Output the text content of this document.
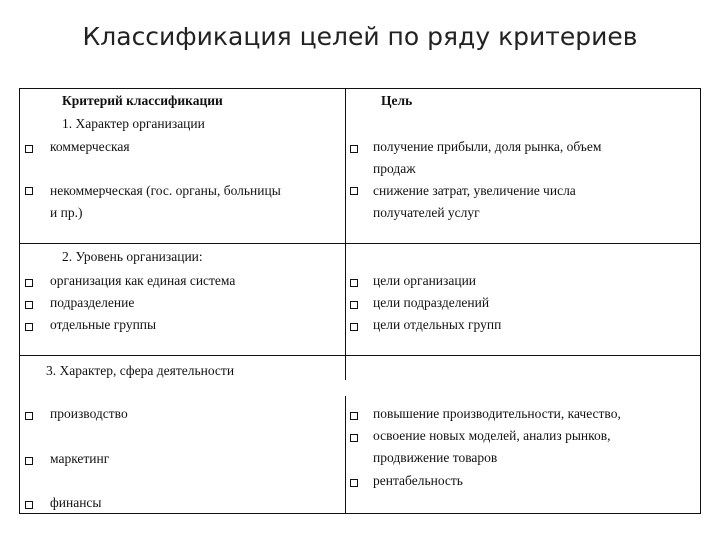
Классификация целей по ряду критериев
Критерий классификации	Цель
1. Характер организации
коммерческая
некоммерческая (гос. органы, больницы
и пр.)
получение прибыли, доля рынка, объем
продаж
снижение затрат, увеличение числа
получателей услуг
2. Уровень организации:
организация как единая система
подразделение
отдельные группы
цели организации
цели подразделений
цели отдельных групп
3. Характер, сфера деятельности
производство
маркетинг
финансы
повышение производительности, качество,
освоение новых моделей, анализ рынков,
продвижение товаров
рентабельность
